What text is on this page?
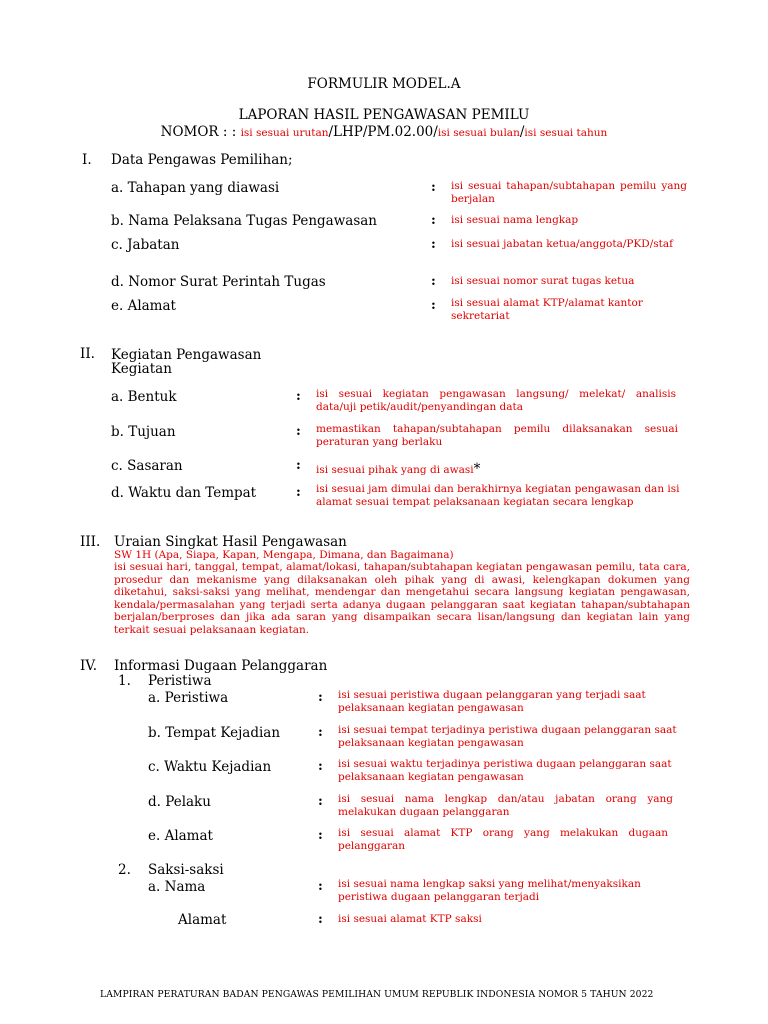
FORMULIR MODEL.A
LAPORAN HASIL PENGAWASAN PEMILU
NOMOR : : isi sesuai urutan/LHP/PM.02.00/isi sesuai bulan/isi sesuai tahun
I. Data Pengawas Pemilihan;
a. Tahapan yang diawasi	: isi sesuai tahapan/subtahapan pemilu yang berjalan
b. Nama Pelaksana Tugas Pengawasan	: isi sesuai nama lengkap
c. Jabatan	: isi sesuai jabatan ketua/anggota/PKD/staf
d. Nomor Surat Perintah Tugas	: isi sesuai nomor surat tugas ketua
e. Alamat	: isi sesuai alamat KTP/alamat kantor sekretariat
II. Kegiatan Pengawasan
Kegiatan
a. Bentuk	: isi sesuai kegiatan pengawasan langsung/ melekat/ analisis data/uji petik/audit/penyandingan data
b. Tujuan	: memastikan tahapan/subtahapan pemilu dilaksanakan sesuai peraturan yang berlaku
c. Sasaran	: isi sesuai pihak yang di awasi*
d. Waktu dan Tempat	: isi sesuai jam dimulai dan berakhirnya kegiatan pengawasan dan isi alamat sesuai tempat pelaksanaan kegiatan secara lengkap
III. Uraian Singkat Hasil Pengawasan
SW 1H (Apa, Siapa, Kapan, Mengapa, Dimana, dan Bagaimana)
isi sesuai hari, tanggal, tempat, alamat/lokasi, tahapan/subtahapan kegiatan pengawasan pemilu, tata cara, prosedur dan mekanisme yang dilaksanakan oleh pihak yang di awasi, kelengkapan dokumen yang diketahui, saksi-saksi yang melihat, mendengar dan mengetahui secara langsung kegiatan pengawasan, kendala/permasalahan yang terjadi serta adanya dugaan pelanggaran saat kegiatan tahapan/subtahapan berjalan/berproses dan jika ada saran yang disampaikan secara lisan/langsung dan kegiatan lain yang terkait sesuai pelaksanaan kegiatan.
IV. Informasi Dugaan Pelanggaran
1. Peristiwa
a. Peristiwa	: isi sesuai peristiwa dugaan pelanggaran yang terjadi saat pelaksanaan kegiatan pengawasan
b. Tempat Kejadian	: isi sesuai tempat terjadinya peristiwa dugaan pelanggaran saat pelaksanaan kegiatan pengawasan
c. Waktu Kejadian	: isi sesuai waktu terjadinya peristiwa dugaan pelanggaran saat pelaksanaan kegiatan pengawasan
d. Pelaku	: isi sesuai nama lengkap dan/atau jabatan orang yang melakukan dugaan pelanggaran
e. Alamat	: isi sesuai alamat KTP orang yang melakukan dugaan pelanggaran
2. Saksi-saksi
a. Nama	: isi sesuai nama lengkap saksi yang melihat/menyaksikan peristiwa dugaan pelanggaran terjadi
Alamat	: isi sesuai alamat KTP saksi
LAMPIRAN PERATURAN BADAN PENGAWAS PEMILIHAN UMUM REPUBLIK INDONESIA NOMOR 5 TAHUN 2022
